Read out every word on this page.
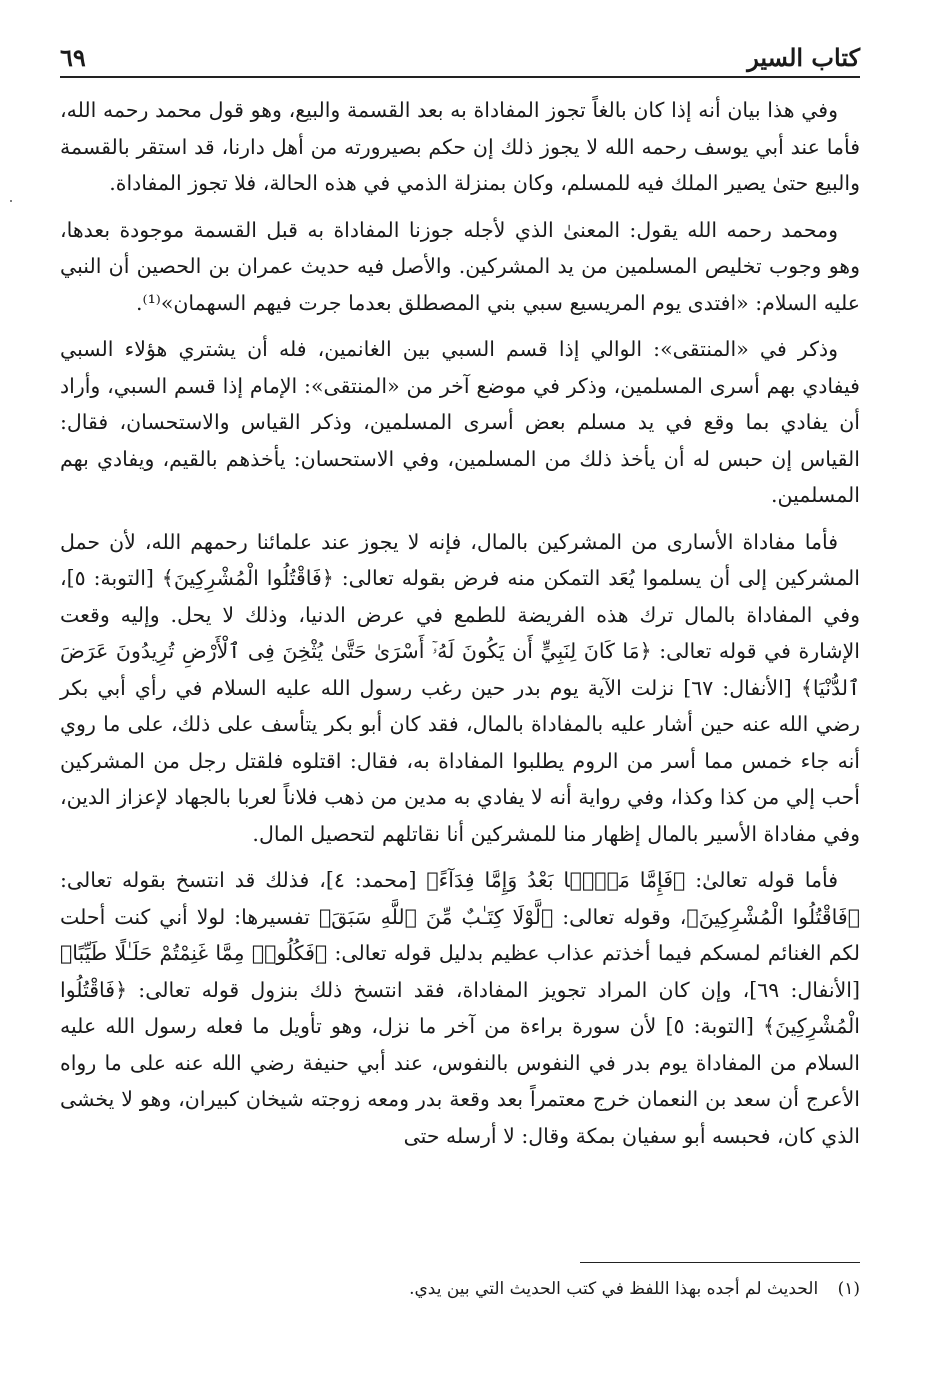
كتاب السير
٦٩

وفي هذا بيان أنه إذا كان بالغاً تجوز المفاداة به بعد القسمة والبيع، وهو قول محمد رحمه الله، فأما عند أبي يوسف رحمه الله لا يجوز ذلك إن حكم بصيرورته من أهل دارنا، قد استقر بالقسمة والبيع حتىٰ يصير الملك فيه للمسلم، وكان بمنزلة الذمي في هذه الحالة، فلا تجوز المفاداة.

ومحمد رحمه الله يقول: المعنىٰ الذي لأجله جوزنا المفاداة به قبل القسمة موجودة بعدها، وهو وجوب تخليص المسلمين من يد المشركين. والأصل فيه حديث عمران بن الحصين أن النبي عليه السلام: «افتدى يوم المريسيع سبي بني المصطلق بعدما جرت فيهم السهمان»⁽¹⁾.

وذكر في «المنتقى»: الوالي إذا قسم السبي بين الغانمين، فله أن يشتري هؤلاء السبي فيفادي بهم أسرى المسلمين، وذكر في موضع آخر من «المنتقى»: الإمام إذا قسم السبي، وأراد أن يفادي بما وقع في يد مسلم بعض أسرى المسلمين، وذكر القياس والاستحسان، فقال: القياس إن حبس له أن يأخذ ذلك من المسلمين، وفي الاستحسان: يأخذهم بالقيم، ويفادي بهم المسلمين.

فأما مفاداة الأسارى من المشركين بالمال، فإنه لا يجوز عند علمائنا رحمهم الله، لأن حمل المشركين إلى أن يسلموا يُعَد التمكن منه فرض بقوله تعالى: ﴿فَاقْتُلُوا الْمُشْرِكِينَ﴾ [التوبة: ٥]، وفي المفاداة بالمال ترك هذه الفريضة للطمع في عرض الدنيا، وذلك لا يحل. وإليه وقعت الإشارة في قوله تعالى: ﴿مَا كَانَ لِنَبِيٍّ أَن يَكُونَ لَهُۥٓ أَسْرَىٰ حَتَّىٰ يُثْخِنَ فِى ٱلْأَرْضِ تُرِيدُونَ عَرَضَ ٱلدُّنْيَا﴾ [الأنفال: ٦٧] نزلت الآية يوم بدر حين رغب رسول الله عليه السلام في رأي أبي بكر رضي الله عنه حين أشار عليه بالمفاداة بالمال، فقد كان أبو بكر يتأسف على ذلك، على ما روي أنه جاء خمس مما أسر من الروم يطلبوا المفاداة به، فقال: اقتلوه فلقتل رجل من المشركين أحب إلي من كذا وكذا، وفي رواية أنه لا يفادي به مدين من ذهب فلاناً لعربا بالجهاد لإعزاز الدين، وفي مفاداة الأسير بالمال إظهار منا للمشركين أنا نقاتلهم لتحصيل المال.

فأما قوله تعالىٰ: ﴿فَإِمَّا مَنًّۢا بَعْدُ وَإِمَّا فِدَآءً﴾ [محمد: ٤]، فذلك قد انتسخ بقوله تعالى: ﴿فَاقْتُلُوا الْمُشْرِكِينَ﴾، وقوله تعالى: ﴿لَّوْلَا كِتَـٰبٌ مِّنَ ٱللَّهِ سَبَقَ﴾ تفسيرها: لولا أني كنت أحلت لكم الغنائم لمسكم فيما أخذتم عذاب عظيم بدليل قوله تعالى: ﴿فَكُلُوا۟ مِمَّا غَنِمْتُمْ حَلَـٰلًا طَيِّبًا﴾ [الأنفال: ٦٩]، وإن كان المراد تجويز المفاداة، فقد انتسخ ذلك بنزول قوله تعالى: ﴿فَاقْتُلُوا الْمُشْرِكِينَ﴾ [التوبة: ٥] لأن سورة براءة من آخر ما نزل، وهو تأويل ما فعله رسول الله عليه السلام من المفاداة يوم بدر في النفوس بالنفوس، عند أبي حنيفة رضي الله عنه على ما رواه الأعرج أن سعد بن النعمان خرج معتمراً بعد وقعة بدر ومعه زوجته شيخان كبيران، وهو لا يخشى الذي كان، فحبسه أبو سفيان بمكة وقال: لا أرسله حتى

(١) الحديث لم أجده بهذا اللفظ في كتب الحديث التي بين يدي.
